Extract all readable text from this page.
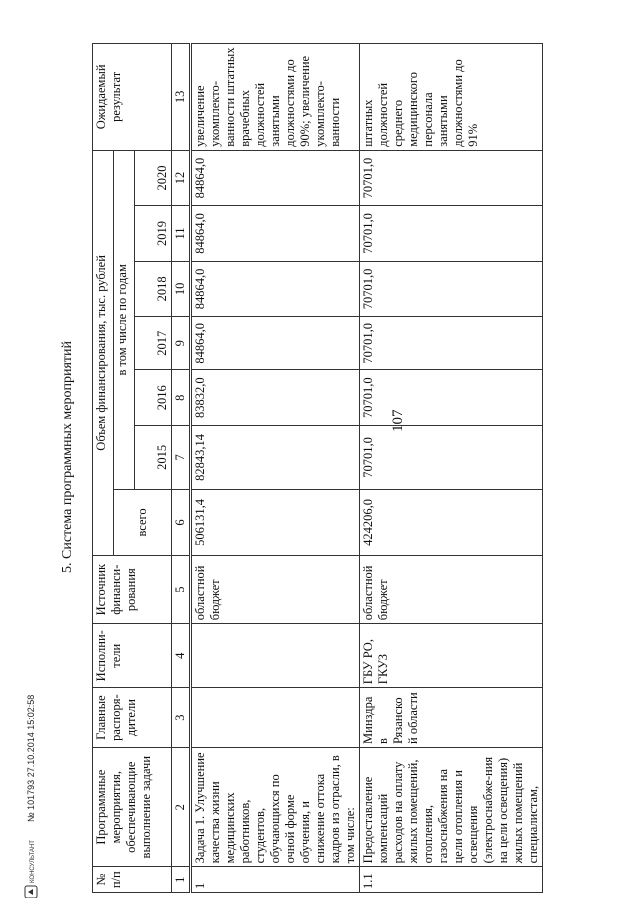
107
5. Система программных мероприятий
КОНСУЛЬТАНТ
№ 101793 27.10.2014 15:02:58
№ п/п	Программные мероприятия, обеспечивающие выполнение задачи	Главные распоря-дители	Исполни-тели	Источник финанси-рования	Объем финансирования, тыс. рублей							Ожидаемый результат
					всего	в том числе по годам						
						2015	2016	2017	2018	2019	2020	
1	2	3	4	5	6	7	8	9	10	11	12	13
1	Задача 1. Улучшение качества жизни медицинских работников, студентов, обучающихся по очной форме обучения, и снижение оттока кадров из отрасли, в том числе:			областной бюджет	506131,4	82843,14	83832,0	84864,0	84864,0	84864,0	84864,0	увеличение укомплекто-ванности штатных врачебных должностей занятыми должностями до 90%; увеличение укомплекто-ванности
1.1	Предоставление компенсаций расходов на оплату жилых помещений, отопления, газоснабжения на цели отопления и освещения (электроснабже-ния на цели освещения) жилых помещений специалистам,	Минздрав Рязанской области	ГБУ РО, ГКУЗ	областной бюджет	424206,0	70701,0	70701,0	70701,0	70701,0	70701,0	70701,0	штатных должностей среднего медицинского персонала занятыми должностями до 91%
